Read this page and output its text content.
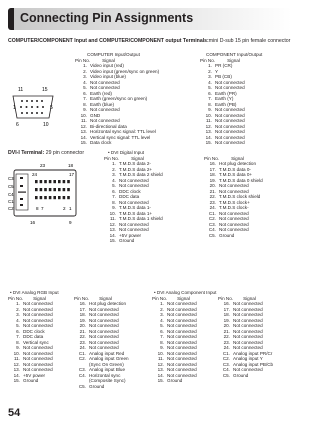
Connecting Pin Assignments
COMPUTER/COMPONENT Input and COMPUTER/COMPONENT output Terminals:mini D-sub 15 pin female connector
11	15
1	5
6	10
COMPUTER Input/Output
Pin No.	Signal
1. Video input (red)
2. Video input (green/sync on green)
3. Video input (blue)
4. Not connected
5. Not connected
6. Earth (red)
7. Earth (green/sync on green)
8. Earth (blue)
9. Not connected
10. GND
11. Not connected
12. Bi-directional data
13. Horizontal sync signal: TTL level
14. Vertical sync signal: TTL level
15. Data clock
COMPONENT Input/Output
Pin No.	Signal
1. PR (CR)
2. Y
3. PB (CB)
4. Not connected
5. Not connected
6. Earth (PR)
7. Earth (Y)
8. Earth (PB)
9. Not connected
10. Not connected
11. Not connected
12. Not connected
13. Not connected
14. Not connected
15. Not connected
DVI-I Terminal: 29 pin connector
23	18
24	17
8 7	2 1
16	9
C3
C5
C4
C1
C2
• DVI Digital Input
Pin No.	Signal
1. T.M.D.S data 2-
2. T.M.D.S data 2+
3. T.M.D.S data 2 shield
4. Not connected
5. Not connected
6. DDC clock
7. DDC data
8. Not connected
9. T.M.D.S data 1-
10. T.M.D.S data 1+
11. T.M.D.S data 1 shield
12. Not connected
13. Not connected
14. +5V power
15. Ground
Pin No.	Signal
16. Hot plug detection
17. T.M.D.S data 0-
18. T.M.D.S data 0+
19. T.M.D.S data 0 shield
20. Not connected
21. Not connected
22. T.M.D.S clock shield
23. T.M.D.S clock+
24. T.M.D.S clock-
C1. Not connected
C2. Not connected
C3. Not connected
C4. Not connected
C5. Ground
• DVI Analog RGB Input
Pin No. Signal
1. Not connected
2. Not connected
3. Not connected
4. Not connected
5. Not connected
6. DDC clock
7. DDC data
8. Vertical sync
9. Not connected
10. Not connected
11. Not connected
12. Not connected
13. Not connected
14. +5V power
15. Ground
Pin No. Signal
16. Hot plug detection
17. Not connected
18. Not connected
19. Not connected
20. Not connected
21. Not connected
22. Not connected
23. Not connected
24. Not connected
C1. Analog input Red
C2. Analog input Green
(Sync On Green)
C3. Analog input Blue
C4. Horizontal sync
(Composite Sync)
C5. Ground
• DVI Analog Component Input
Pin No. Signal
1. Not connected
2. Not connected
3. Not connected
4. Not connected
5. Not connected
6. Not connected
7. Not connected
8. Not connected
9. Not connected
10. Not connected
11. Not connected
12. Not connected
13. Not connected
14. Not connected
15. Ground
Pin No. Signal
16. Not connected
17. Not connected
18. Not connected
19. Not connected
20. Not connected
21. Not connected
22. Not connected
23. Not connected
24. Not connected
C1. Analog input PR/Cr
C2. Analog input Y
C3. Analog input PB/Cb
C4. Not connected
C5. Ground
54
